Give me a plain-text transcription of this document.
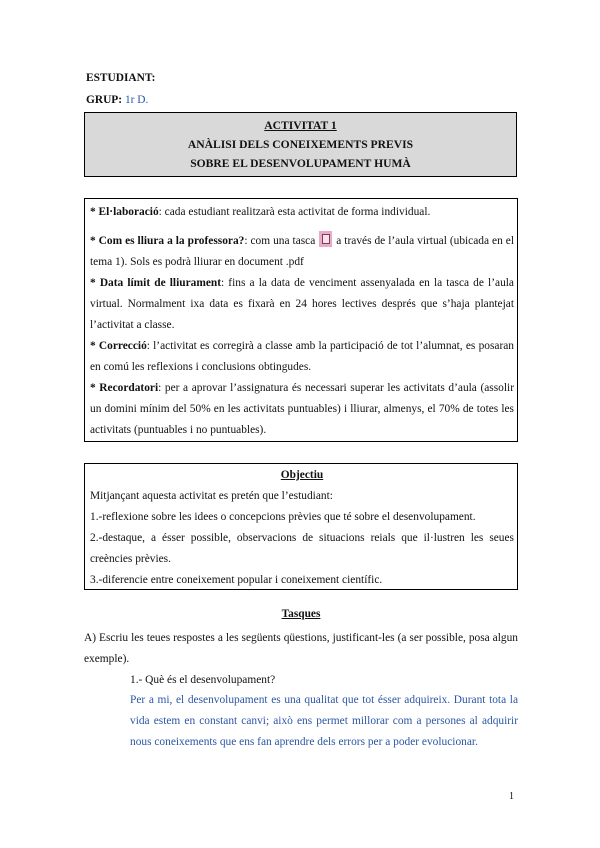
ESTUDIANT:
GRUP: 1r D.
ACTIVITAT 1
ANÀLISI DELS CONEIXEMENTS PREVIS
SOBRE EL DESENVOLUPAMENT HUMÀ

* El·laboració: cada estudiant realitzarà esta activitat de forma individual.

* Com es lliura a la professora?: com una tasca a través de l’aula virtual (ubicada en el tema 1). Sols es podrà lliurar en document .pdf

* Data límit de lliurament: fins a la data de venciment assenyalada en la tasca de l’aula virtual. Normalment ixa data es fixarà en 24 hores lectives després que s’haja plantejat l’activitat a classe.

* Correcció: l’activitat es corregirà a classe amb la participació de tot l’alumnat, es posaran en comú les reflexions i conclusions obtingudes.

* Recordatori: per a aprovar l’assignatura és necessari superar les activitats d’aula (assolir un domini mínim del 50% en les activitats puntuables) i lliurar, almenys, el 70% de totes les activitats (puntuables i no puntuables).

Objectiu

Mitjançant aquesta activitat es pretén que l’estudiant:

1.-reflexione sobre les idees o concepcions prèvies que té sobre el desenvolupament.

2.-destaque, a ésser possible, observacions de situacions reials que il·lustren les seues creències prèvies.

3.-diferencie entre coneixement popular i coneixement científic.

Tasques
A) Escriu les teues respostes a les següents qüestions, justificant-les (a ser possible, posa algun exemple).
1.- Què és el desenvolupament?
Per a mi, el desenvolupament es una qualitat que tot ésser adquireix. Durant tota la vida estem en constant canvi; això ens permet millorar com a persones al adquirir nous coneixements que ens fan aprendre dels errors per a poder evolucionar.
1
